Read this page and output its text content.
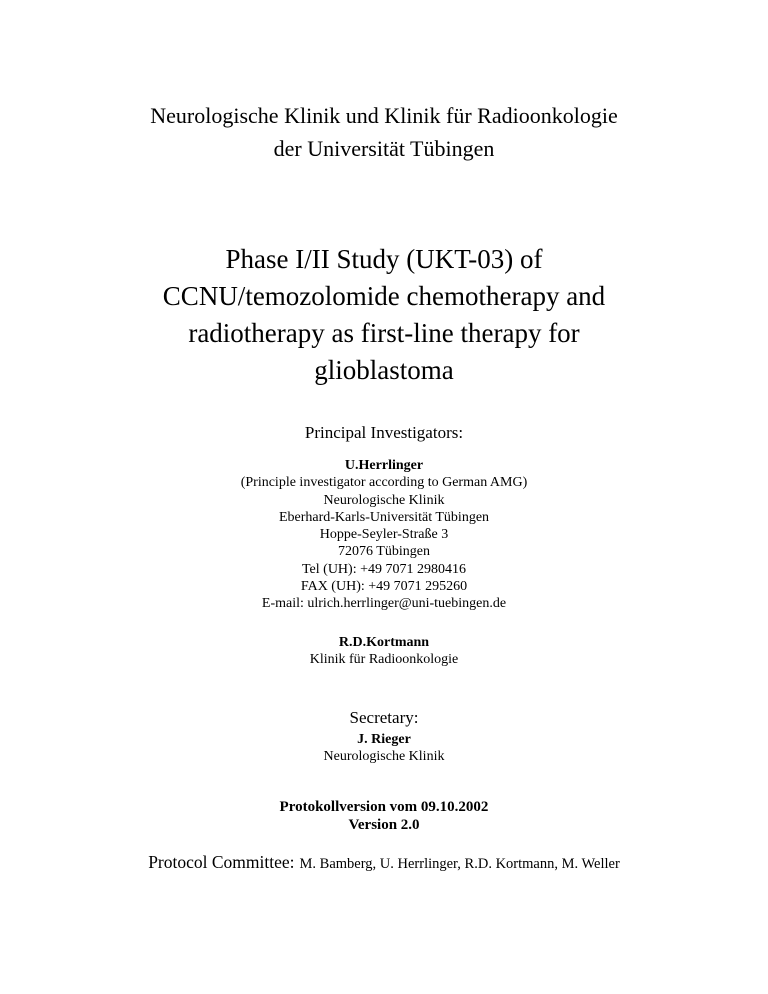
Neurologische Klinik und Klinik für Radioonkologie
der Universität Tübingen
Phase I/II Study (UKT-03) of
CCNU/temozolomide chemotherapy and
radiotherapy as first-line therapy for
glioblastoma
Principal Investigators:
U.Herrlinger
(Principle investigator according to German AMG)
Neurologische Klinik
Eberhard-Karls-Universität Tübingen
Hoppe-Seyler-Straße 3
72076 Tübingen
Tel (UH): +49 7071 2980416
FAX (UH): +49 7071 295260
E-mail: ulrich.herrlinger@uni-tuebingen.de
R.D.Kortmann
Klinik für Radioonkologie
Secretary:
J. Rieger
Neurologische Klinik
Protokollversion vom 09.10.2002
Version 2.0
Protocol Committee: M. Bamberg, U. Herrlinger, R.D. Kortmann, M. Weller
